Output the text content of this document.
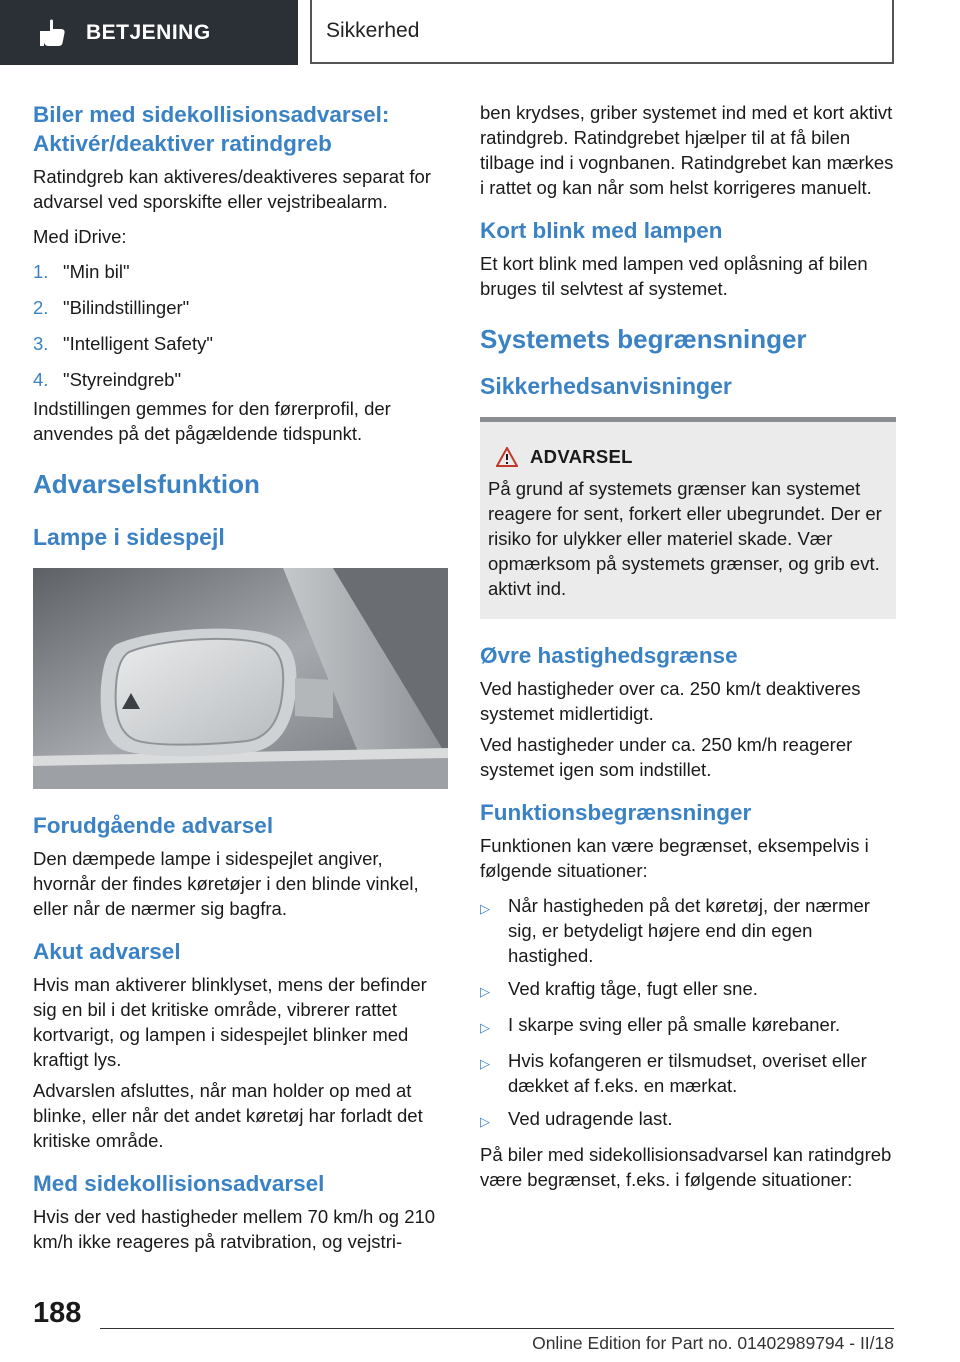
BETJENING	Sikkerhed
Biler med sidekollisionsadvarsel: Aktivér/deaktiver ratindgreb

Ratindgreb kan aktiveres/deaktiveres separat for advarsel ved sporskifte eller vejstribealarm.

Med iDrive:

1. "Min bil"
2. "Bilindstillinger"
3. "Intelligent Safety"
4. "Styreindgreb"

Indstillingen gemmes for den førerprofil, der anvendes på det pågældende tidspunkt.

Advarselsfunktion
Lampe i sidespejl
Forudgående advarsel

Den dæmpede lampe i sidespejlet angiver, hvornår der findes køretøjer i den blinde vinkel, eller når de nærmer sig bagfra.

Akut advarsel

Hvis man aktiverer blinklyset, mens der befinder sig en bil i det kritiske område, vibrerer rattet kortvarigt, og lampen i sidespejlet blinker med kraftigt lys.

Advarslen afsluttes, når man holder op med at blinke, eller når det andet køretøj har forladt det kritiske område.

Med sidekollisionsadvarsel

Hvis der ved hastigheder mellem 70 km/h og 210 km/h ikke reageres på ratvibration, og vejstri-

ben krydses, griber systemet ind med et kort aktivt ratindgreb. Ratindgrebet hjælper til at få bilen tilbage ind i vognbanen. Ratindgrebet kan mærkes i rattet og kan når som helst korrigeres manuelt.

Kort blink med lampen

Et kort blink med lampen ved oplåsning af bilen bruges til selvtest af systemet.

Systemets begrænsninger
Sikkerhedsanvisninger
ADVARSEL

På grund af systemets grænser kan systemet reagere for sent, forkert eller ubegrundet. Der er risiko for ulykker eller materiel skade. Vær opmærksom på systemets grænser, og grib evt. aktivt ind.

Øvre hastighedsgrænse

Ved hastigheder over ca. 250 km/t deaktiveres systemet midlertidigt.

Ved hastigheder under ca. 250 km/h reagerer systemet igen som indstillet.

Funktionsbegrænsninger

Funktionen kan være begrænset, eksempelvis i følgende situationer:

▷ Når hastigheden på det køretøj, der nærmer sig, er betydeligt højere end din egen hastighed.
▷ Ved kraftig tåge, fugt eller sne.
▷ I skarpe sving eller på smalle kørebaner.
▷ Hvis kofangeren er tilsmudset, overiset eller dækket af f.eks. en mærkat.
▷ Ved udragende last.

På biler med sidekollisionsadvarsel kan ratindgreb være begrænset, f.eks. i følgende situationer:

188
Online Edition for Part no. 01402989794 - II/18
